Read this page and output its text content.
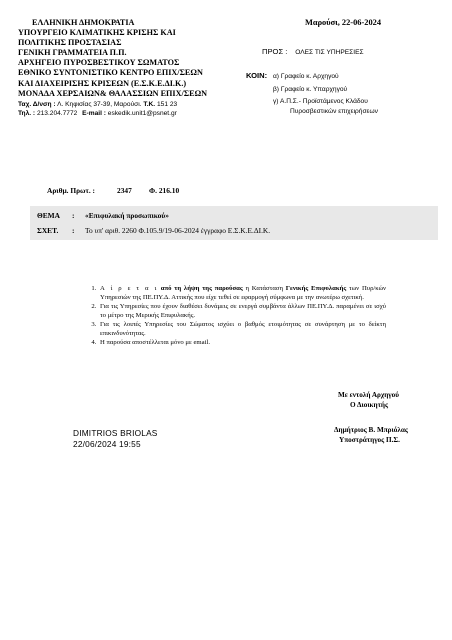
ΕΛΛΗΝΙΚΗ ΔΗΜΟΚΡΑΤΙΑ
ΥΠΟΥΡΓΕΙΟ ΚΛΙΜΑΤΙΚΗΣ ΚΡΙΣΗΣ ΚΑΙ
ΠΟΛΙΤΙΚΗΣ ΠΡΟΣΤΑΣΙΑΣ
ΓΕΝΙΚΗ ΓΡΑΜΜΑΤΕΙΑ Π.Π.
ΑΡΧΗΓΕΙΟ ΠΥΡΟΣΒΕΣΤΙΚΟΥ ΣΩΜΑΤΟΣ
ΕΘΝΙΚΟ ΣΥΝΤΟΝΙΣΤΙΚΟ ΚΕΝΤΡΟ ΕΠΙΧ/ΣΕΩΝ
ΚΑΙ ΔΙΑΧΕΙΡΙΣΗΣ ΚΡΙΣΕΩΝ (Ε.Σ.Κ.Ε.ΔΙ.Κ.)
ΜΟΝΑΔΑ ΧΕΡΣΑΙΩΝ& ΘΑΛΑΣΣΙΩΝ ΕΠΙΧ/ΣΕΩΝ
Ταχ. Δ/νση : Λ. Κηφισίας 37-39, Μαρούσι. Τ.Κ. 151 23
Τηλ. : 213.204.7772 E-mail : eskedik.unit1@psnet.gr
Μαρούσι, 22-06-2024
ΠΡΟΣ : ΟΛΕΣ ΤΙΣ ΥΠΗΡΕΣΙΕΣ
ΚΟΙΝ: α) Γραφείο κ. Αρχηγού
β) Γραφείο κ. Υπαρχηγού
γ) Α.Π.Σ.- Προϊστάμενος Κλάδου
Πυροσβεστικών επιχειρήσεων
Αριθμ. Πρωτ. :	2347 Φ. 216.10
ΘΕΜΑ : «Επιφυλακή προσωπικού»
ΣΧΕΤ. : Το υπ' αριθ. 2260 Φ.105.9/19-06-2024 έγγραφο Ε.Σ.Κ.Ε.ΔΙ.Κ.
1. Α ί ρ ε τ α ι από τη λήψη της παρούσας η Κατάσταση Γενικής Επιφυλακής των Πυρ/κών Υπηρεσιών της ΠΕ.ΠΥ.Δ. Αττικής που είχε τεθεί σε εφαρμογή σύμφωνα με την ανωτέρω σχετική.
2. Για τις Υπηρεσίες που έχουν διαθέσει δυνάμεις σε ενεργά συμβάντα άλλων ΠΕ.ΠΥ.Δ. παραμένει σε ισχύ το μέτρο της Μερικής Επιφυλακής.
3. Για τις λοιπές Υπηρεσίες του Σώματος ισχύει ο βαθμός ετοιμότητας σε συνάρτηση με το δείκτη επικινδυνότητας.
4. Η παρούσα αποστέλλεται μόνο με email.
Με εντολή Αρχηγού
Ο Διοικητής
Δημήτριος Β. Μπριόλας
Υποστράτηγος Π.Σ.
DIMITRIOS BRIOLAS
22/06/2024 19:55
